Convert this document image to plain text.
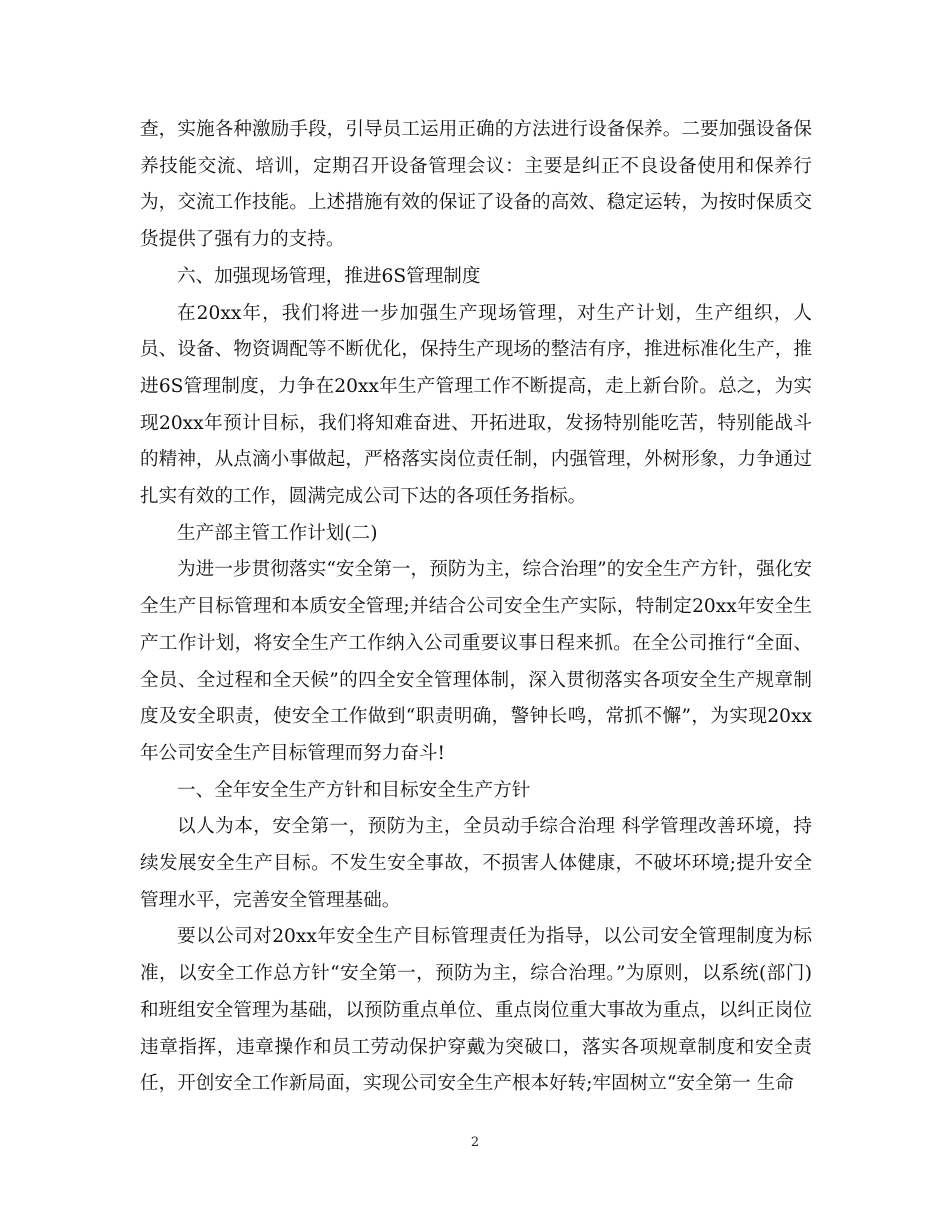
查，实施各种激励手段，引导员工运用正确的方法进行设备保养。二要加强设备保养技能交流、培训，定期召开设备管理会议：主要是纠正不良设备使用和保养行为，交流工作技能。上述措施有效的保证了设备的高效、稳定运转，为按时保质交货提供了强有力的支持。

六、加强现场管理，推进6S管理制度

在20xx年，我们将进一步加强生产现场管理，对生产计划，生产组织，人员、设备、物资调配等不断优化，保持生产现场的整洁有序，推进标准化生产，推进6S管理制度，力争在20xx年生产管理工作不断提高，走上新台阶。总之，为实现20xx年预计目标，我们将知难奋进、开拓进取，发扬特别能吃苦，特别能战斗的精神，从点滴小事做起，严格落实岗位责任制，内强管理，外树形象，力争通过扎实有效的工作，圆满完成公司下达的各项任务指标。

生产部主管工作计划(二)

为进一步贯彻落实“安全第一，预防为主，综合治理”的安全生产方针，强化安全生产目标管理和本质安全管理;并结合公司安全生产实际，特制定20xx年安全生产工作计划，将安全生产工作纳入公司重要议事日程来抓。在全公司推行“全面、全员、全过程和全天候”的四全安全管理体制，深入贯彻落实各项安全生产规章制度及安全职责，使安全工作做到“职责明确，警钟长鸣，常抓不懈”，为实现20xx年公司安全生产目标管理而努力奋斗!

一、全年安全生产方针和目标安全生产方针

以人为本，安全第一，预防为主，全员动手综合治理 科学管理改善环境，持续发展安全生产目标。不发生安全事故，不损害人体健康，不破坏环境;提升安全管理水平，完善安全管理基础。

要以公司对20xx年安全生产目标管理责任为指导，以公司安全管理制度为标准，以安全工作总方针“安全第一，预防为主，综合治理。”为原则，以系统(部门)和班组安全管理为基础，以预防重点单位、重点岗位重大事故为重点，以纠正岗位违章指挥，违章操作和员工劳动保护穿戴为突破口，落实各项规章制度和安全责任，开创安全工作新局面，实现公司安全生产根本好转;牢固树立“安全第一 生命

2
